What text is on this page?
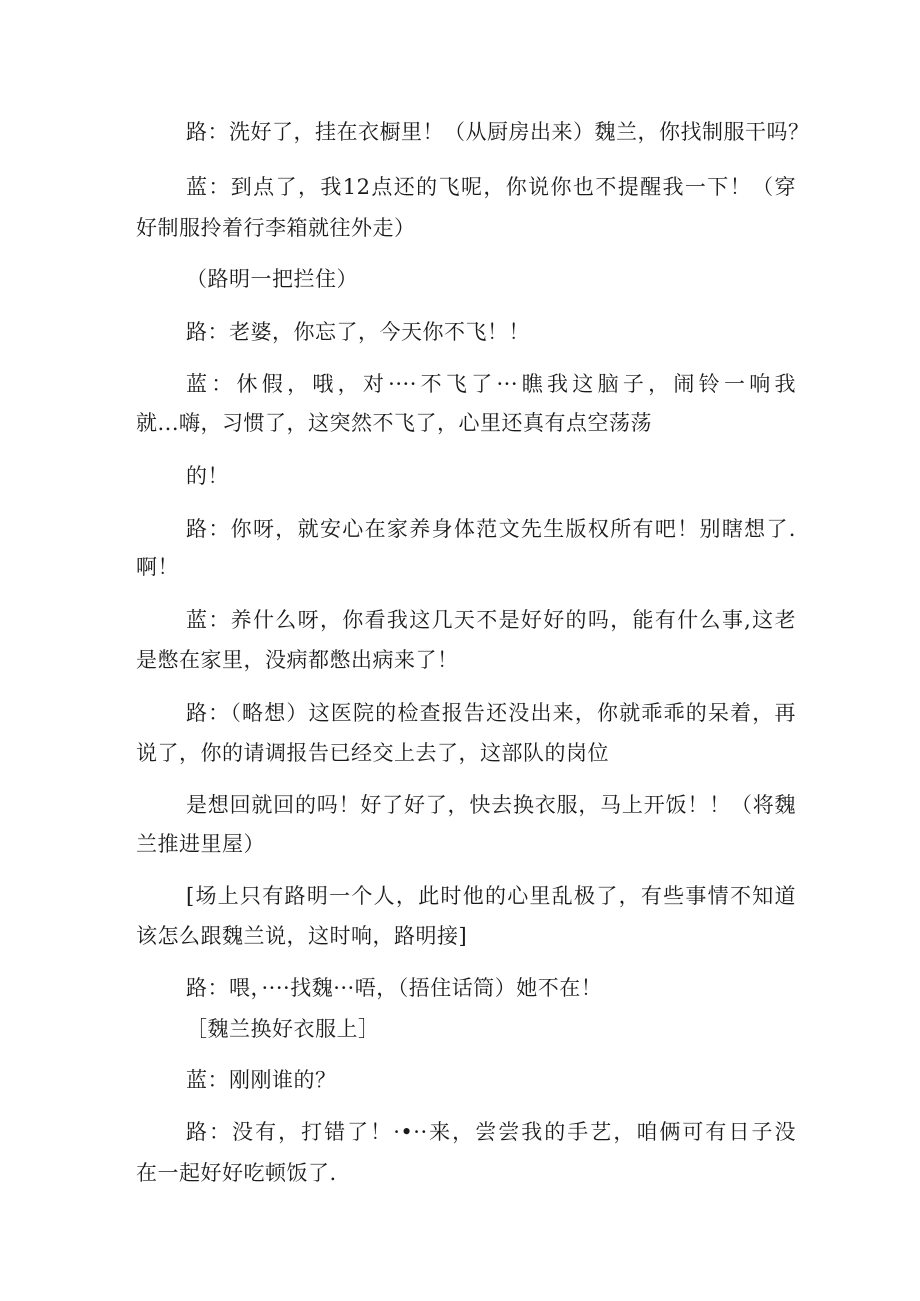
路：洗好了，挂在衣橱里！（从厨房出来）魏兰，你找制服干吗？
蓝：到点了，我12点还的飞呢，你说你也不提醒我一下！（穿
好制服拎着行李箱就往外走）
（路明一把拦住）
路：老婆，你忘了，今天你不飞！！
蓝：休假，哦，对····不飞了···瞧我这脑子，闹铃一响我
就...嗨，习惯了，这突然不飞了，心里还真有点空荡荡
的！
路：你呀，就安心在家养身体范文先生版权所有吧！别瞎想了.
啊！
蓝：养什么呀，你看我这几天不是好好的吗，能有什么事,这老
是憋在家里，没病都憋出病来了！
路：（略想）这医院的检查报告还没出来，你就乖乖的呆着，再
说了，你的请调报告已经交上去了，这部队的岗位
是想回就回的吗！好了好了，快去换衣服，马上开饭！！（将魏
兰推进里屋）
[场上只有路明一个人，此时他的心里乱极了，有些事情不知道
该怎么跟魏兰说，这时响，路明接]
路：喂，····找魏···唔，（捂住话筒）她不在！
［魏兰换好衣服上］
蓝：刚刚谁的？
路：没有，打错了！·•··来，尝尝我的手艺，咱俩可有日子没
在一起好好吃顿饭了.
